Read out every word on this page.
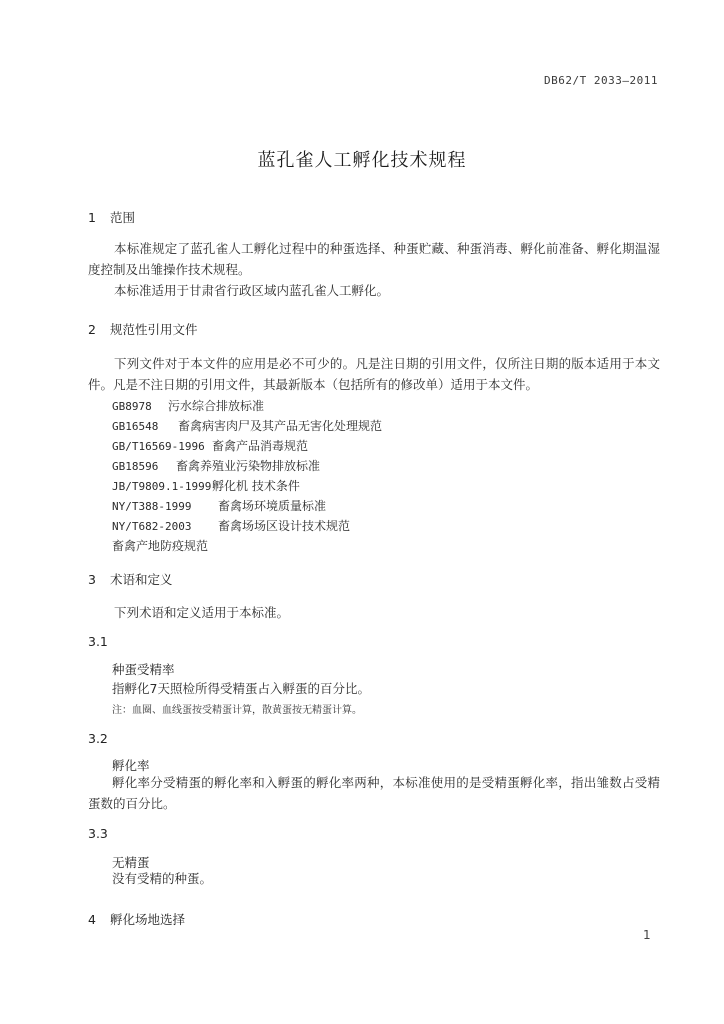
DB62/T 2033—2011
蓝孔雀人工孵化技术规程
1 范围
本标准规定了蓝孔雀人工孵化过程中的种蛋选择、种蛋贮藏、种蛋消毒、孵化前准备、孵化期温湿度控制及出雏操作技术规程。
本标准适用于甘肃省行政区域内蓝孔雀人工孵化。
2 规范性引用文件
下列文件对于本文件的应用是必不可少的。凡是注日期的引用文件，仅所注日期的版本适用于本文件。凡是不注日期的引用文件，其最新版本（包括所有的修改单）适用于本文件。
GB8978 污水综合排放标准
GB16548 畜禽病害肉尸及其产品无害化处理规范
GB/T16569-1996 畜禽产品消毒规范
GB18596 畜禽养殖业污染物排放标准
JB/T9809.1-1999孵化机 技术条件
NY/T388-1999 畜禽场环境质量标准
NY/T682-2003 畜禽场场区设计技术规范
畜禽产地防疫规范
3 术语和定义
下列术语和定义适用于本标准。
3.1
种蛋受精率
指孵化7天照检所得受精蛋占入孵蛋的百分比。
注：血圈、血线蛋按受精蛋计算，散黄蛋按无精蛋计算。
3.2
孵化率
孵化率分受精蛋的孵化率和入孵蛋的孵化率两种，本标准使用的是受精蛋孵化率，指出雏数占受精蛋数的百分比。
3.3
无精蛋
没有受精的种蛋。
4 孵化场地选择
1
